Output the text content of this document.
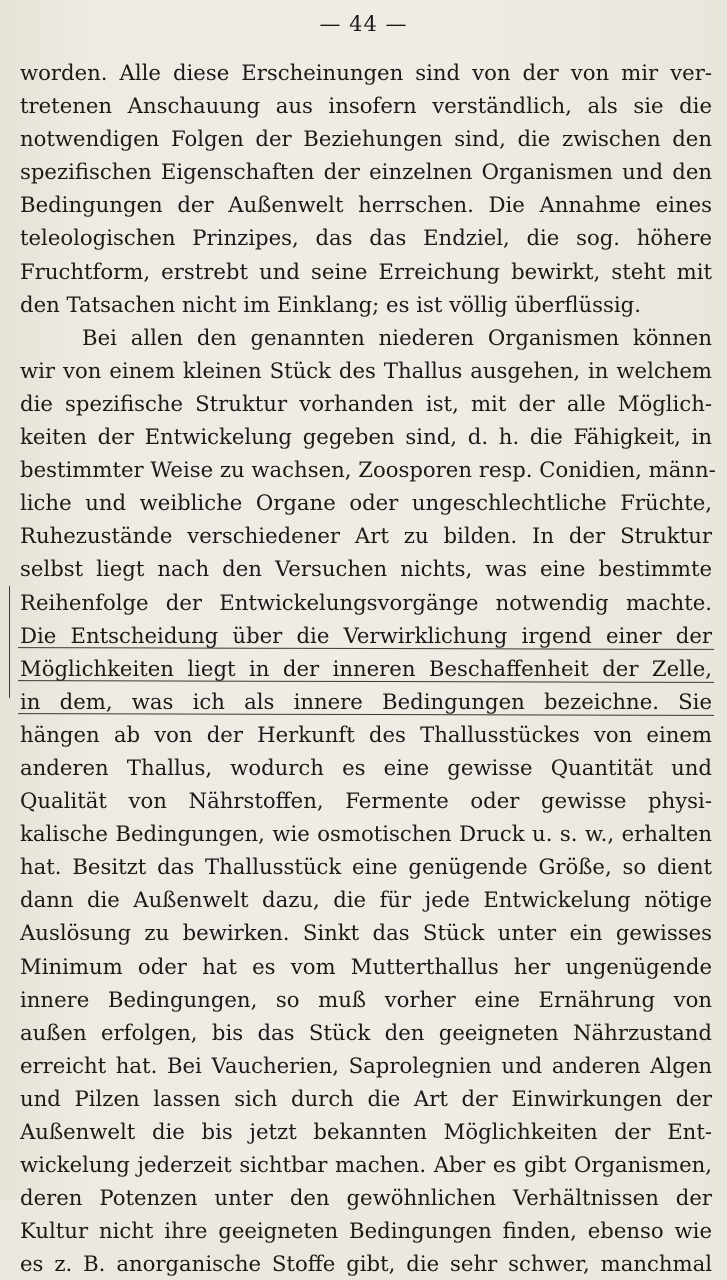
— 44 —
worden. Alle diese Erscheinungen sind von der von mir ver-
tretenen Anschauung aus insofern verständlich, als sie die
notwendigen Folgen der Beziehungen sind, die zwischen den
spezifischen Eigenschaften der einzelnen Organismen und den
Bedingungen der Außenwelt herrschen. Die Annahme eines
teleologischen Prinzipes, das das Endziel, die sog. höhere
Fruchtform, erstrebt und seine Erreichung bewirkt, steht mit
den Tatsachen nicht im Einklang; es ist völlig überflüssig.
Bei allen den genannten niederen Organismen können
wir von einem kleinen Stück des Thallus ausgehen, in welchem
die spezifische Struktur vorhanden ist, mit der alle Möglich-
keiten der Entwickelung gegeben sind, d. h. die Fähigkeit, in
bestimmter Weise zu wachsen, Zoosporen resp. Conidien, männ-
liche und weibliche Organe oder ungeschlechtliche Früchte,
Ruhezustände verschiedener Art zu bilden. In der Struktur
selbst liegt nach den Versuchen nichts, was eine bestimmte
Reihenfolge der Entwickelungsvorgänge notwendig machte.
Die Entscheidung über die Verwirklichung irgend einer der
Möglichkeiten liegt in der inneren Beschaffenheit der Zelle,
in dem, was ich als innere Bedingungen bezeichne. Sie
hängen ab von der Herkunft des Thallusstückes von einem
anderen Thallus, wodurch es eine gewisse Quantität und
Qualität von Nährstoffen, Fermente oder gewisse physi-
kalische Bedingungen, wie osmotischen Druck u. s. w., erhalten
hat. Besitzt das Thallusstück eine genügende Größe, so dient
dann die Außenwelt dazu, die für jede Entwickelung nötige
Auslösung zu bewirken. Sinkt das Stück unter ein gewisses
Minimum oder hat es vom Mutterthallus her ungenügende
innere Bedingungen, so muß vorher eine Ernährung von
außen erfolgen, bis das Stück den geeigneten Nährzustand
erreicht hat. Bei Vaucherien, Saprolegnien und anderen Algen
und Pilzen lassen sich durch die Art der Einwirkungen der
Außenwelt die bis jetzt bekannten Möglichkeiten der Ent-
wickelung jederzeit sichtbar machen. Aber es gibt Organismen,
deren Potenzen unter den gewöhnlichen Verhältnissen der
Kultur nicht ihre geeigneten Bedingungen finden, ebenso wie
es z. B. anorganische Stoffe gibt, die sehr schwer, manchmal
